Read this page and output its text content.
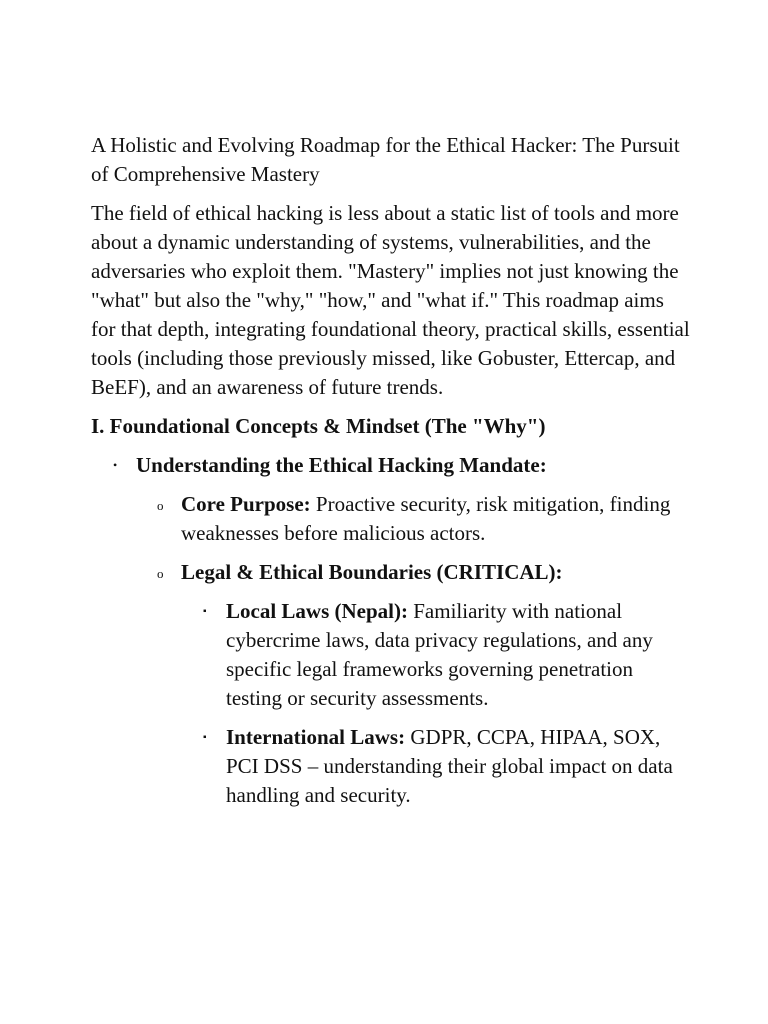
A Holistic and Evolving Roadmap for the Ethical Hacker: The Pursuit of Comprehensive Mastery

The field of ethical hacking is less about a static list of tools and more about a dynamic understanding of systems, vulnerabilities, and the adversaries who exploit them. "Mastery" implies not just knowing the "what" but also the "why," "how," and "what if." This roadmap aims for that depth, integrating foundational theory, practical skills, essential tools (including those previously missed, like Gobuster, Ettercap, and BeEF), and an awareness of future trends.

I. Foundational Concepts & Mindset (The "Why")

• Understanding the Ethical Hacking Mandate:
o Core Purpose: Proactive security, risk mitigation, finding weaknesses before malicious actors.
o Legal & Ethical Boundaries (CRITICAL):
▪ Local Laws (Nepal): Familiarity with national cybercrime laws, data privacy regulations, and any specific legal frameworks governing penetration testing or security assessments.
▪ International Laws: GDPR, CCPA, HIPAA, SOX, PCI DSS – understanding their global impact on data handling and security.
